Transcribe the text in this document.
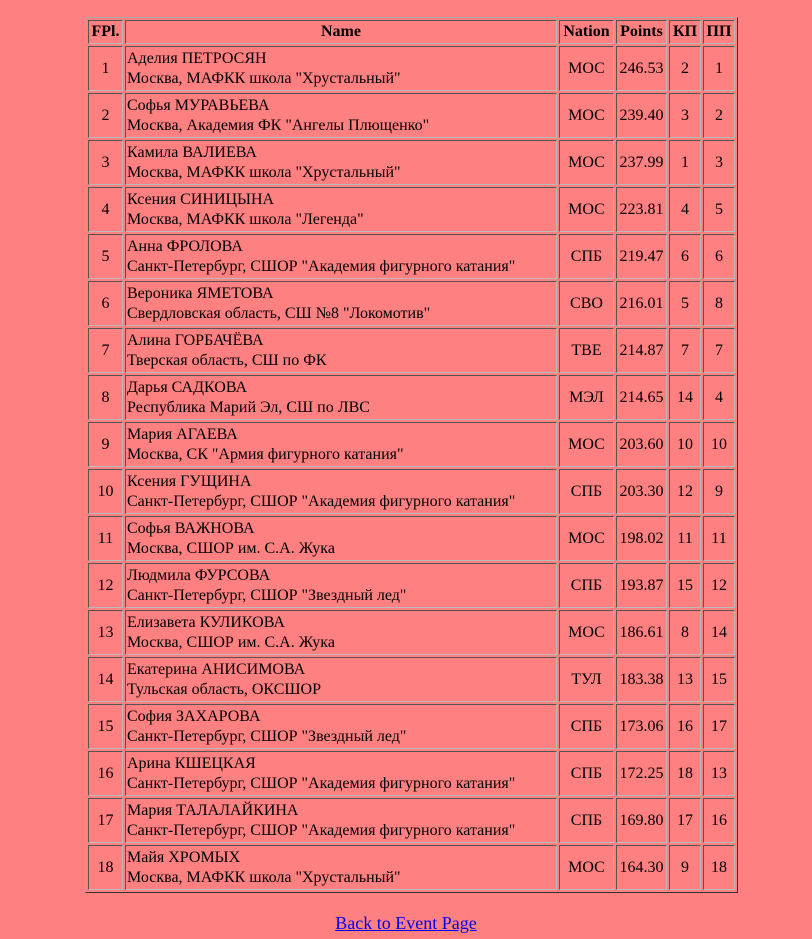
FPl.	Name	Nation	Points	КП	ПП
1	Аделия ПЕТРОСЯН
Москва, МАФКК школа "Хрустальный"	МОС	246.53	2	1
2	Софья МУРАВЬЕВА
Москва, Академия ФК "Ангелы Плющенко"	МОС	239.40	3	2
3	Камила ВАЛИЕВА
Москва, МАФКК школа "Хрустальный"	МОС	237.99	1	3
4	Ксения СИНИЦЫНА
Москва, МАФКК школа "Легенда"	МОС	223.81	4	5
5	Анна ФРОЛОВА
Санкт-Петербург, СШОР "Академия фигурного катания"	СПБ	219.47	6	6
6	Вероника ЯМЕТОВА
Свердловская область, СШ №8 "Локомотив"	СВО	216.01	5	8
7	Алина ГОРБАЧЁВА
Тверская область, СШ по ФК	ТВЕ	214.87	7	7
8	Дарья САДКОВА
Республика Марий Эл, СШ по ЛВС	МЭЛ	214.65	14	4
9	Мария АГАЕВА
Москва, СК "Армия фигурного катания"	МОС	203.60	10	10
10	Ксения ГУЩИНА
Санкт-Петербург, СШОР "Академия фигурного катания"	СПБ	203.30	12	9
11	Софья ВАЖНОВА
Москва, СШОР им. С.А. Жука	МОС	198.02	11	11
12	Людмила ФУРСОВА
Санкт-Петербург, СШОР "Звездный лед"	СПБ	193.87	15	12
13	Елизавета КУЛИКОВА
Москва, СШОР им. С.А. Жука	МОС	186.61	8	14
14	Екатерина АНИСИМОВА
Тульская область, ОКСШОР	ТУЛ	183.38	13	15
15	София ЗАХАРОВА
Санкт-Петербург, СШОР "Звездный лед"	СПБ	173.06	16	17
16	Арина КШЕЦКАЯ
Санкт-Петербург, СШОР "Академия фигурного катания"	СПБ	172.25	18	13
17	Мария ТАЛАЛАЙКИНА
Санкт-Петербург, СШОР "Академия фигурного катания"	СПБ	169.80	17	16
18	Майя ХРОМЫХ
Москва, МАФКК школа "Хрустальный"	МОС	164.30	9	18
Back to Event Page
